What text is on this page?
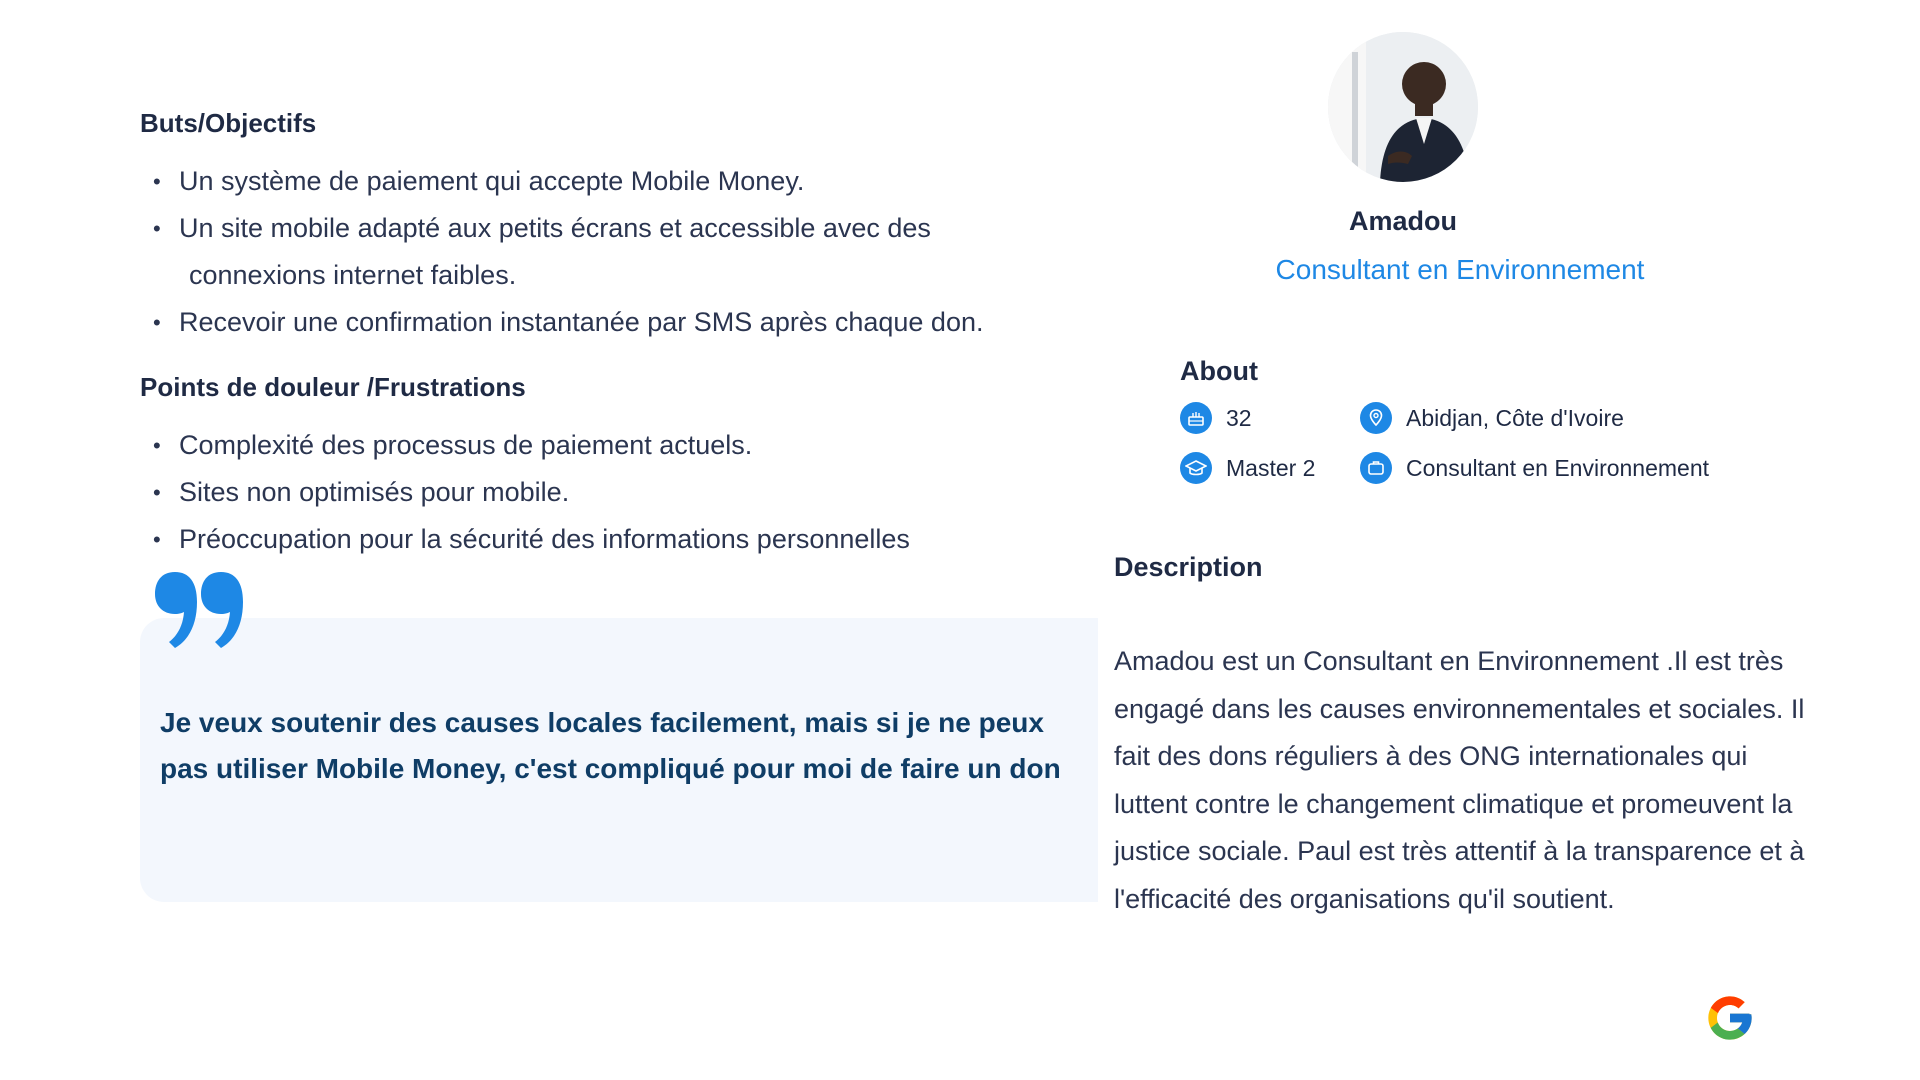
Buts/Objectifs
• Un système de paiement qui accepte Mobile Money.
• Un site mobile adapté aux petits écrans et accessible avec des
connexions internet faibles.
• Recevoir une confirmation instantanée par SMS après chaque don.
Points de douleur /Frustrations
• Complexité des processus de paiement actuels.
• Sites non optimisés pour mobile.
• Préoccupation pour la sécurité des informations personnelles
Je veux soutenir des causes locales facilement, mais si je ne peux pas utiliser Mobile Money, c'est compliqué pour moi de faire un don
Amadou
Consultant en Environnement
About
32	Abidjan, Côte d'Ivoire
Master 2	Consultant en Environnement
Description
Amadou est un Consultant en Environnement .Il est très engagé dans les causes environnementales et sociales. Il fait des dons réguliers à des ONG internationales qui luttent contre le changement climatique et promeuvent la justice sociale. Paul est très attentif à la transparence et à l'efficacité des organisations qu'il soutient.
